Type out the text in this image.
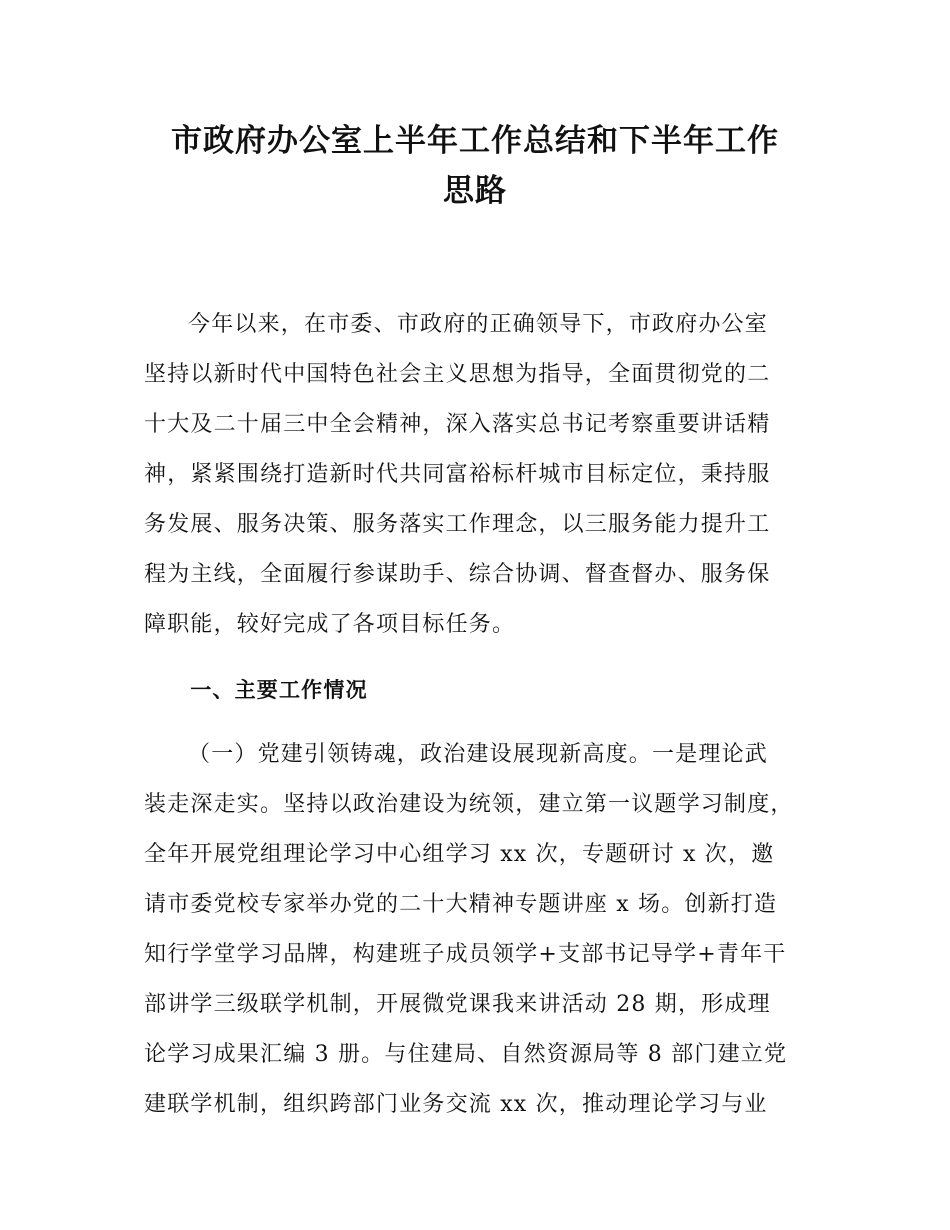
市政府办公室上半年工作总结和下半年工作
思路

今年以来，在市委、市政府的正确领导下，市政府办公室
坚持以新时代中国特色社会主义思想为指导，全面贯彻党的二
十大及二十届三中全会精神，深入落实总书记考察重要讲话精
神，紧紧围绕打造新时代共同富裕标杆城市目标定位，秉持服
务发展、服务决策、服务落实工作理念，以三服务能力提升工
程为主线，全面履行参谋助手、综合协调、督查督办、服务保
障职能，较好完成了各项目标任务。

一、主要工作情况

（一）党建引领铸魂，政治建设展现新高度。一是理论武
装走深走实。坚持以政治建设为统领，建立第一议题学习制度，
全年开展党组理论学习中心组学习 xx 次，专题研讨 x 次，邀
请市委党校专家举办党的二十大精神专题讲座 x 场。创新打造
知行学堂学习品牌，构建班子成员领学+支部书记导学+青年干
部讲学三级联学机制，开展微党课我来讲活动 28 期，形成理
论学习成果汇编 3 册。与住建局、自然资源局等 8 部门建立党
建联学机制，组织跨部门业务交流 xx 次，推动理论学习与业
